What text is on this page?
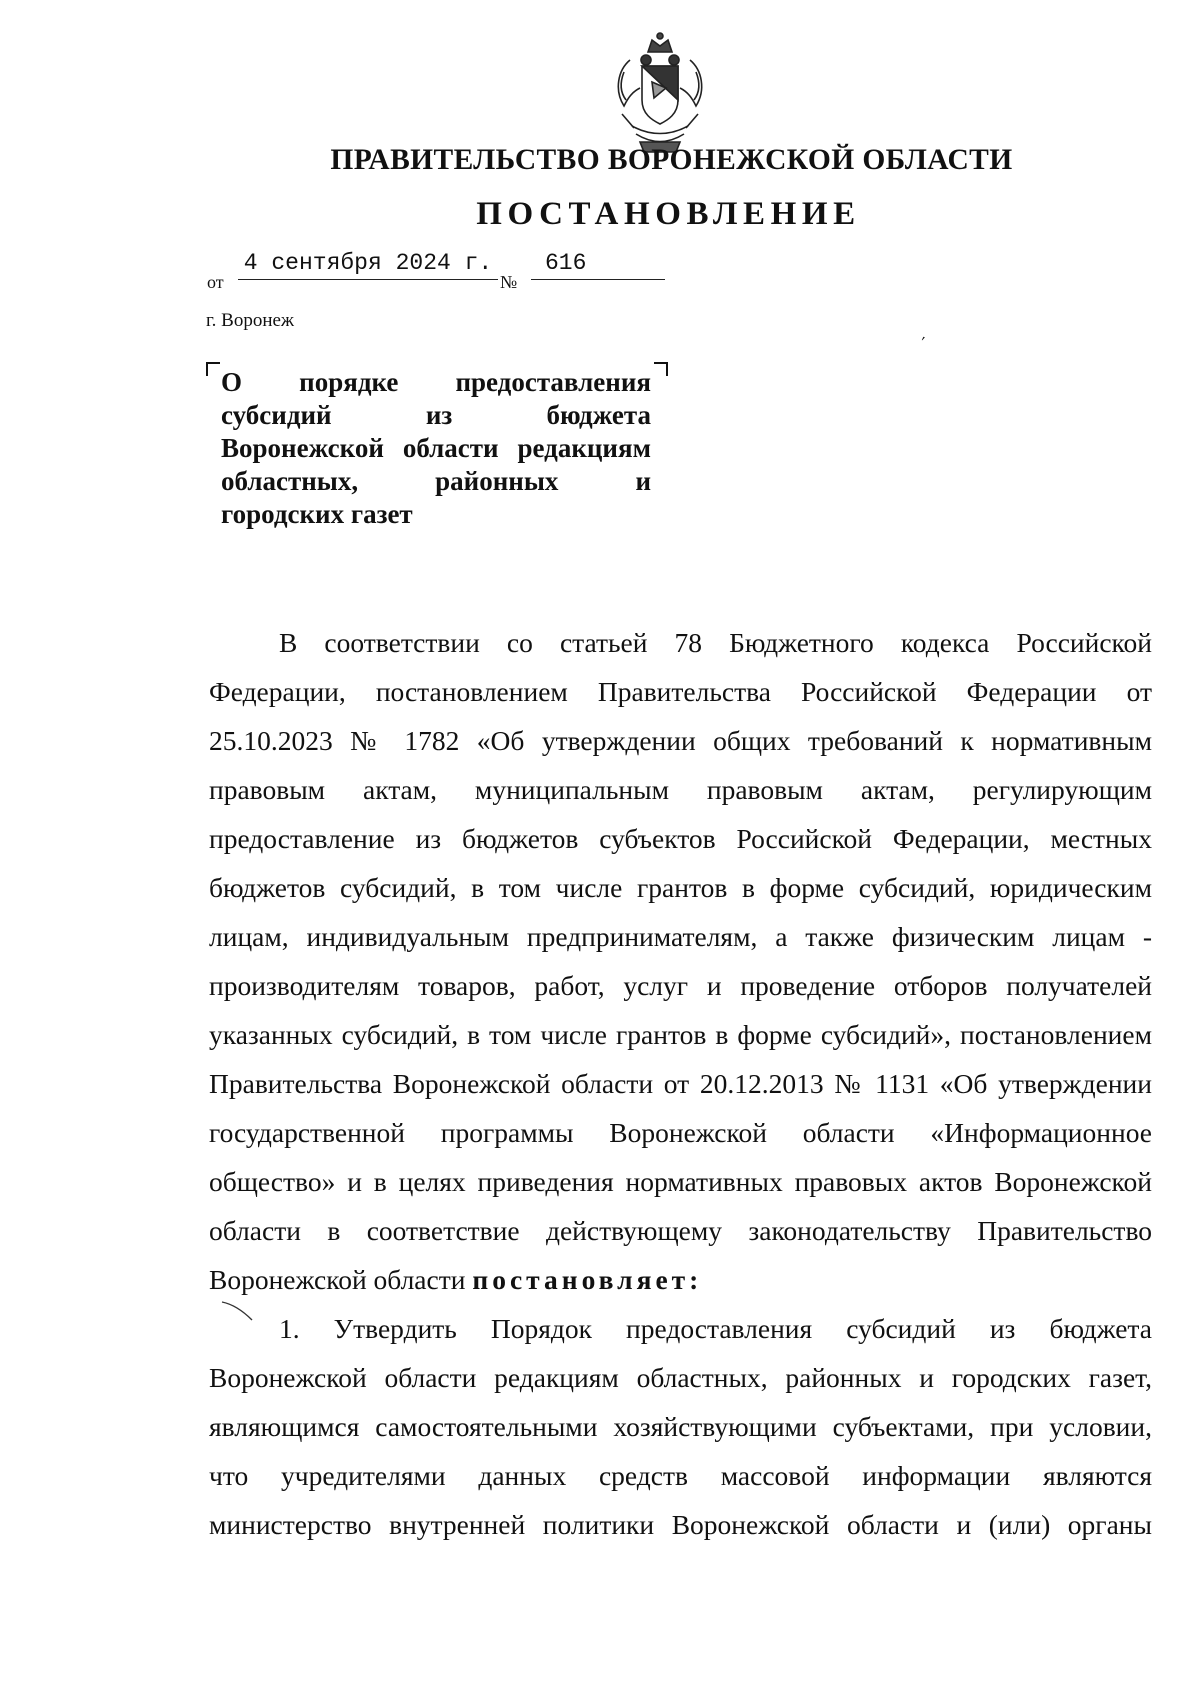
ПРАВИТЕЛЬСТВО ВОРОНЕЖСКОЙ ОБЛАСТИ
ПОСТАНОВЛЕНИЕ
от
4 сентября 2024 г.
№
616
г. Воронеж
ʹ
О порядке предоставления
субсидий	из	бюджета
Воронежской области редакциям
областных,	районных	и
городских газет
В соответствии со статьей 78 Бюджетного кодекса Российской
Федерации, постановлением Правительства Российской Федерации от
25.10.2023 № 1782 «Об утверждении общих требований к нормативным
правовым актам, муниципальным правовым актам, регулирующим
предоставление из бюджетов субъектов Российской Федерации, местных
бюджетов субсидий, в том числе грантов в форме субсидий, юридическим
лицам, индивидуальным предпринимателям, а также физическим лицам -
производителям товаров, работ, услуг и проведение отборов получателей
указанных субсидий, в том числе грантов в форме субсидий», постановлением
Правительства Воронежской области от 20.12.2013 № 1131 «Об утверждении
государственной программы Воронежской области «Информационное
общество» и в целях приведения нормативных правовых актов Воронежской
области в соответствие действующему законодательству Правительство
Воронежской области постановляет:
1. Утвердить Порядок предоставления субсидий из бюджета
Воронежской области редакциям областных, районных и городских газет,
являющимся самостоятельными хозяйствующими субъектами, при условии,
что учредителями данных средств массовой информации являются
министерство внутренней политики Воронежской области и (или) органы
